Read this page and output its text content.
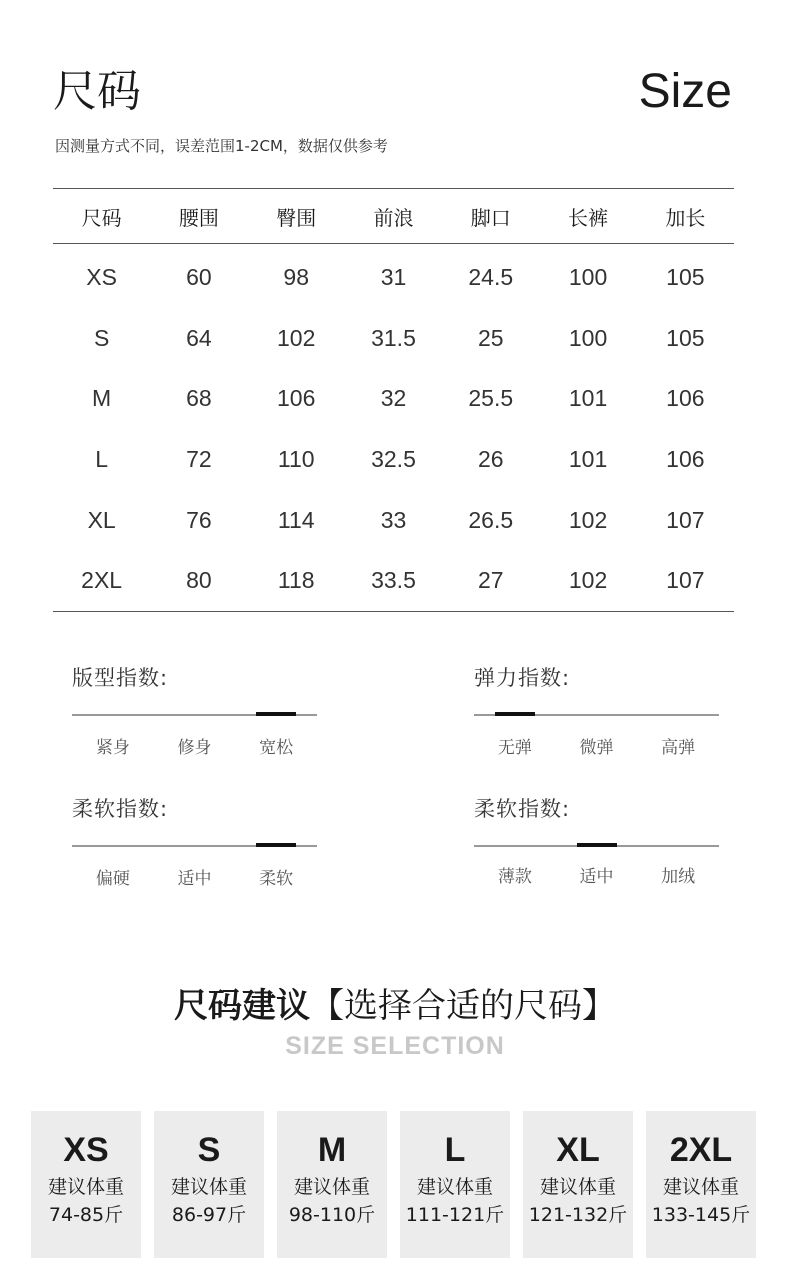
尺码	Size
因测量方式不同，误差范围1-2CM，数据仅供参考
尺码	腰围	臀围	前浪	脚口	长裤	加长
XS	60	98	31	24.5	100	105
S	64	102	31.5	25	100	105
M	68	106	32	25.5	101	106
L	72	110	32.5	26	101	106
XL	76	114	33	26.5	102	107
2XL	80	118	33.5	27	102	107
版型指数:
紧身	修身	宽松
弹力指数:
无弹	微弹	高弹
柔软指数:
偏硬	适中	柔软
柔软指数:
薄款	适中	加绒
尺码建议【选择合适的尺码】
SIZE SELECTION
XS
建议体重
74-85斤
S
建议体重
86-97斤
M
建议体重
98-110斤
L
建议体重
111-121斤
XL
建议体重
121-132斤
2XL
建议体重
133-145斤
